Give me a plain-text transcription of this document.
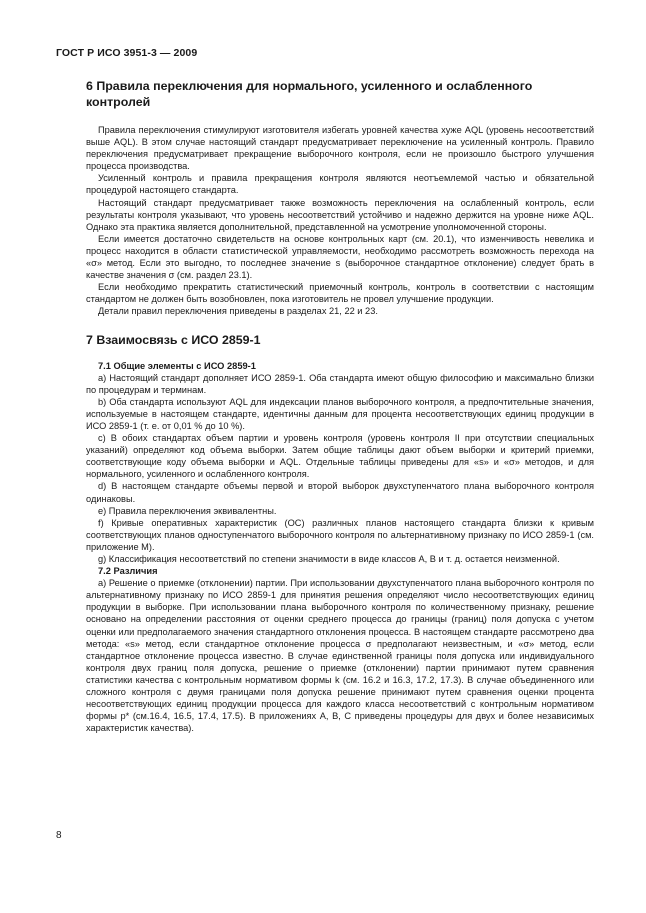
ГОСТ Р ИСО 3951-3 — 2009
6 Правила переключения для нормального, усиленного и ослабленного контролей

Правила переключения стимулируют изготовителя избегать уровней качества хуже AQL (уровень несоответствий выше AQL). В этом случае настоящий стандарт предусматривает переключение на усиленный контроль. Правило переключения предусматривает прекращение выборочного контроля, если не произошло быстрого улучшения процесса производства.

Усиленный контроль и правила прекращения контроля являются неотъемлемой частью и обязательной процедурой настоящего стандарта.

Настоящий стандарт предусматривает также возможность переключения на ослабленный контроль, если результаты контроля указывают, что уровень несоответствий устойчиво и надежно держится на уровне ниже AQL. Однако эта практика является дополнительной, представленной на усмотрение уполномоченной стороны.

Если имеется достаточно свидетельств на основе контрольных карт (см. 20.1), что изменчивость невелика и процесс находится в области статистической управляемости, необходимо рассмотреть возможность перехода на «σ» метод. Если это выгодно, то последнее значение s (выборочное стандартное отклонение) следует брать в качестве значения σ (см. раздел 23.1).

Если необходимо прекратить статистический приемочный контроль, контроль в соответствии с настоящим стандартом не должен быть возобновлен, пока изготовитель не провел улучшение продукции.

Детали правил переключения приведены в разделах 21, 22 и 23.

7 Взаимосвязь с ИСО 2859-1
7.1 Общие элементы с ИСО 2859-1

a) Настоящий стандарт дополняет ИСО 2859-1. Оба стандарта имеют общую философию и максимально близки по процедурам и терминам.

b) Оба стандарта используют AQL для индексации планов выборочного контроля, а предпочтительные значения, используемые в настоящем стандарте, идентичны данным для процента несоответствующих единиц продукции в ИСО 2859-1 (т. е. от 0,01 % до 10 %).

c) В обоих стандартах объем партии и уровень контроля (уровень контроля II при отсутствии специальных указаний) определяют код объема выборки. Затем общие таблицы дают объем выборки и критерий приемки, соответствующие коду объема выборки и AQL. Отдельные таблицы приведены для «s» и «σ» методов, и для нормального, усиленного и ослабленного контроля.

d) В настоящем стандарте объемы первой и второй выборок двухступенчатого плана выборочного контроля одинаковы.

e) Правила переключения эквивалентны.

f) Кривые оперативных характеристик (ОС) различных планов настоящего стандарта близки к кривым соответствующих планов одноступенчатого выборочного контроля по альтернативному признаку по ИСО 2859-1 (см. приложение М).

g) Классификация несоответствий по степени значимости в виде классов А, В и т. д. остается неизменной.

7.2 Различия

а) Решение о приемке (отклонении) партии. При использовании двухступенчатого плана выборочного контроля по альтернативному признаку по ИСО 2859-1 для принятия решения определяют число несоответствующих единиц продукции в выборке. При использовании плана выборочного контроля по количественному признаку, решение основано на определении расстояния от оценки среднего процесса до границы (границ) поля допуска с учетом оценки или предполагаемого значения стандартного отклонения процесса. В настоящем стандарте рассмотрено два метода: «s» метод, если стандартное отклонение процесса σ предполагают неизвестным, и «σ» метод, если стандартное отклонение процесса известно. В случае единственной границы поля допуска или индивидуального контроля двух границ поля допуска, решение о приемке (отклонении) партии принимают путем сравнения статистики качества с контрольным нормативом формы k (см. 16.2 и 16.3, 17.2, 17.3). В случае объединенного или сложного контроля с двумя границами поля допуска решение принимают путем сравнения оценки процента несоответствующих единиц продукции процесса для каждого класса несоответствий с контрольным нормативом формы p* (см.16.4, 16.5, 17.4, 17.5). В приложениях А, В, С приведены процедуры для двух и более независимых характеристик качества).

8
